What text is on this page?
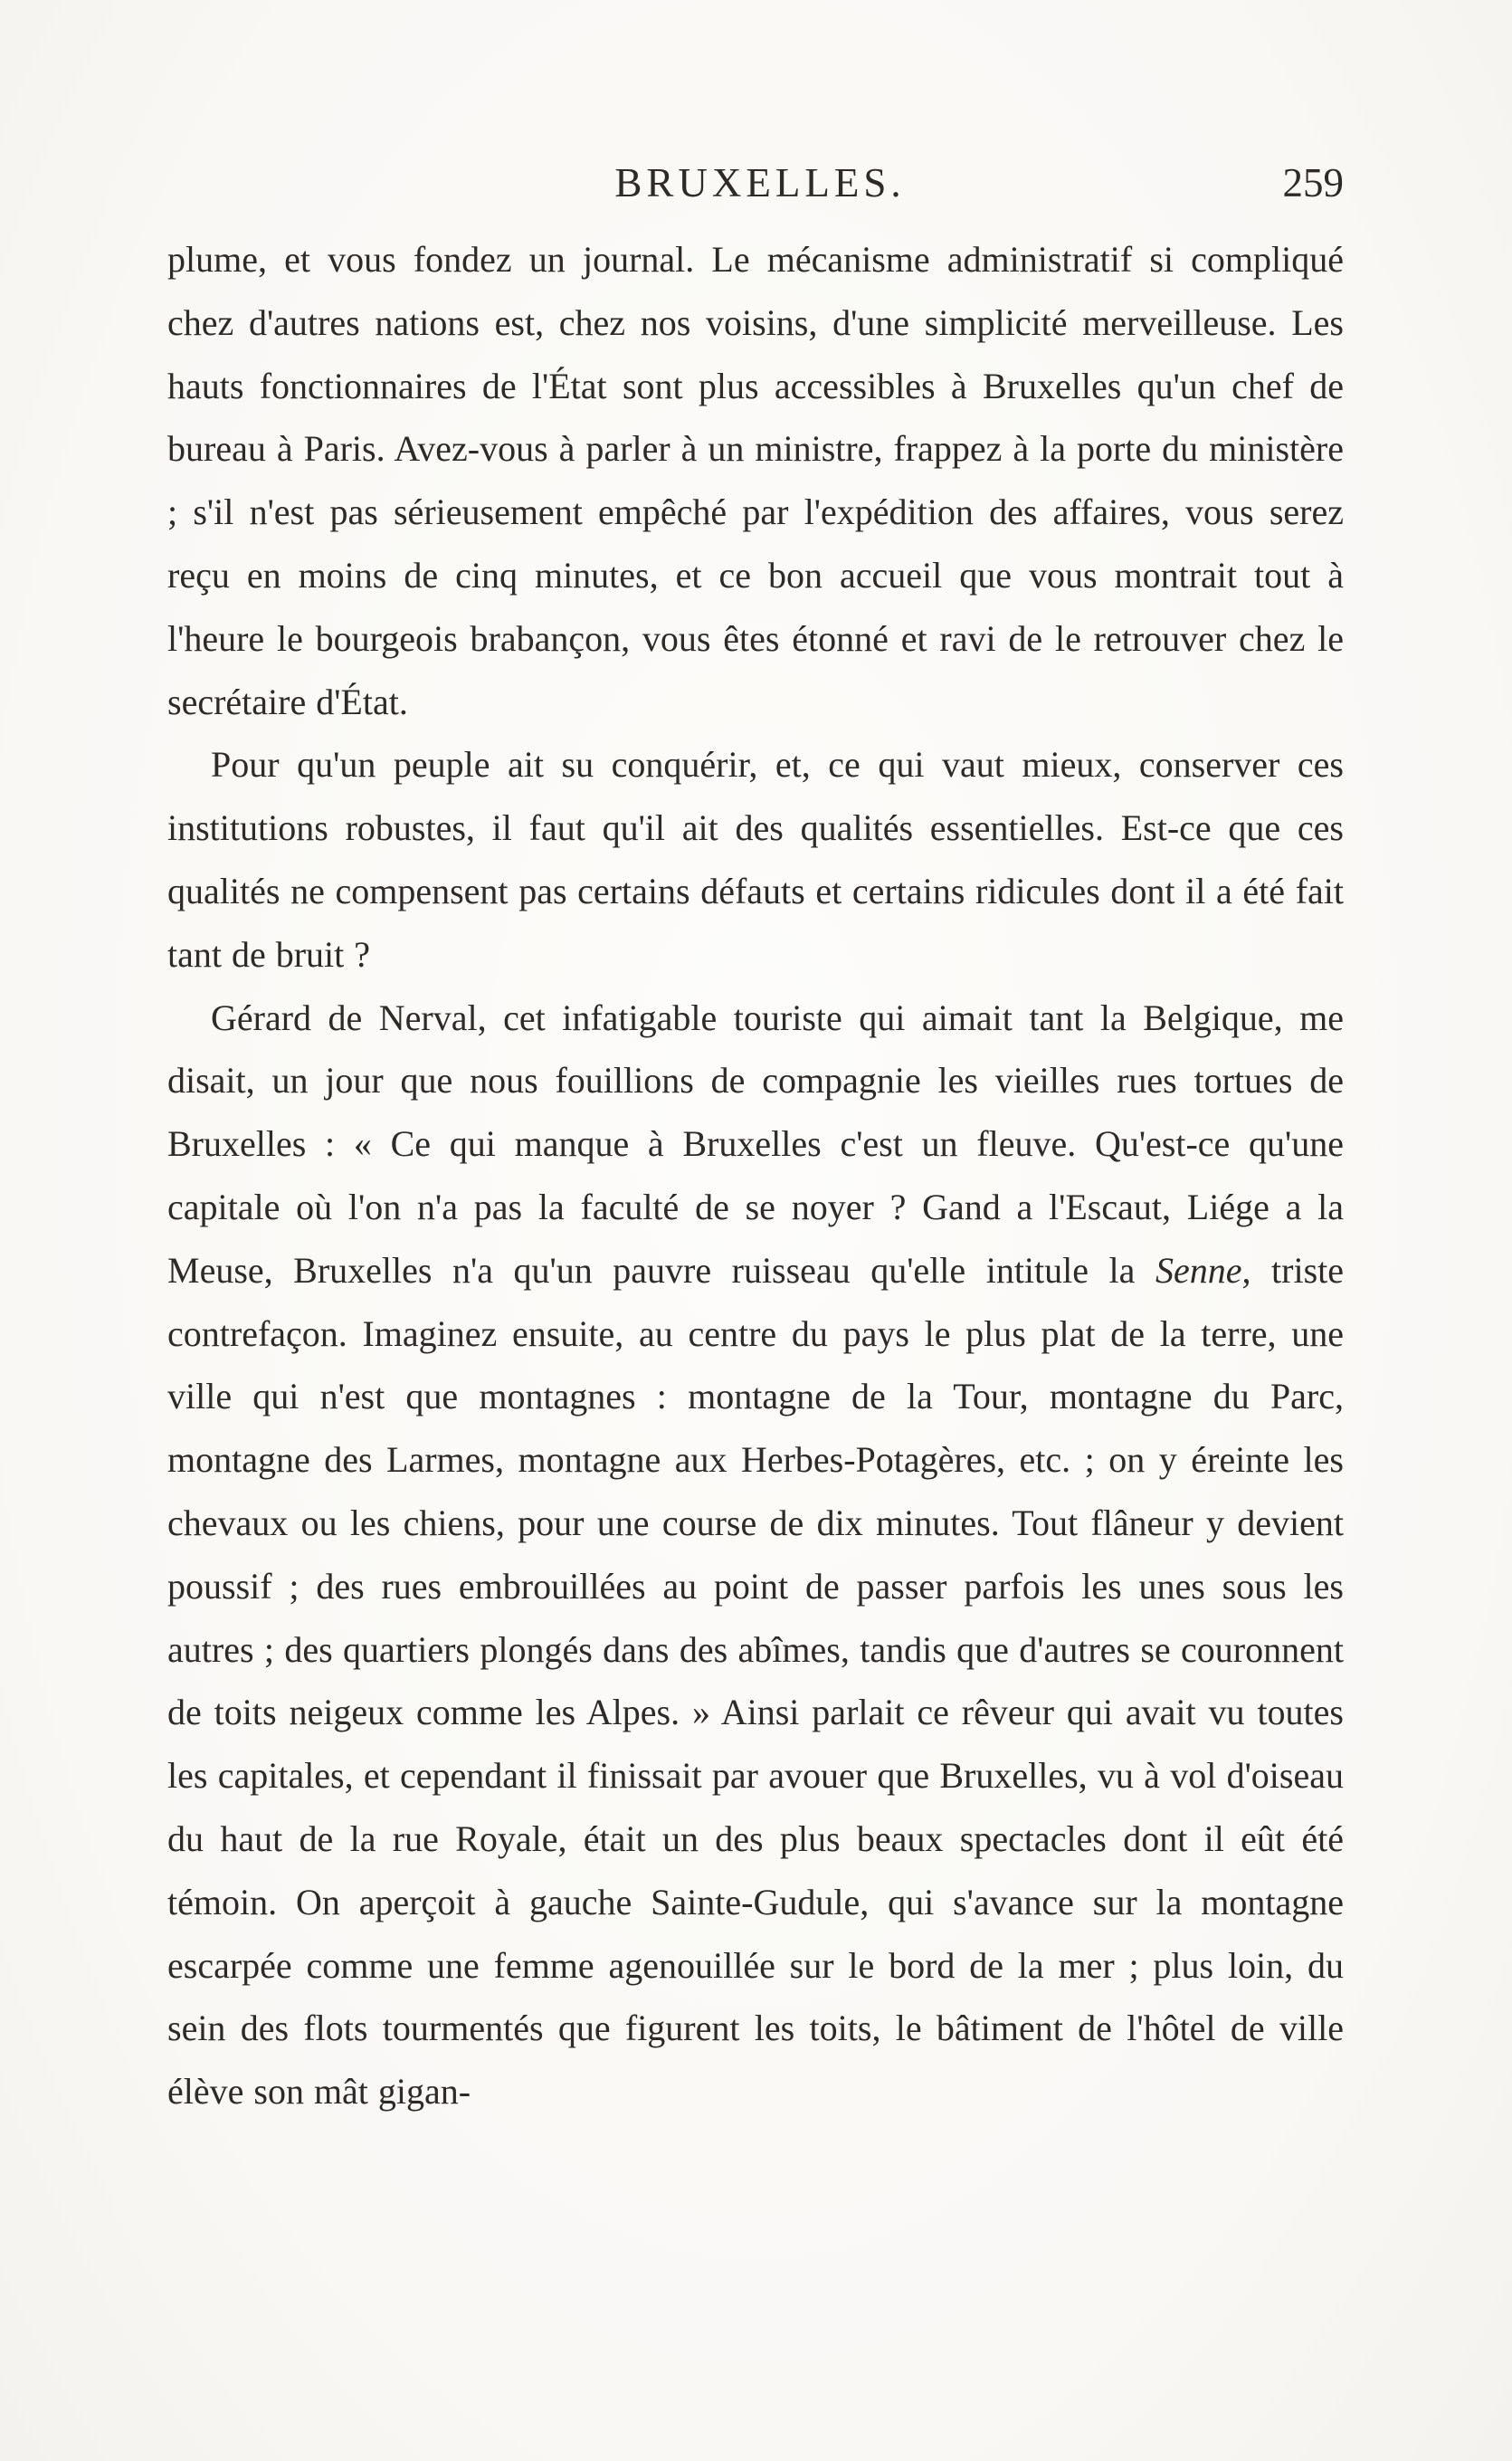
BRUXELLES.	259

plume, et vous fondez un journal. Le mécanisme administratif si compliqué chez d'autres nations est, chez nos voisins, d'une simplicité merveilleuse. Les hauts fonctionnaires de l'État sont plus accessibles à Bruxelles qu'un chef de bureau à Paris. Avez-vous à parler à un ministre, frappez à la porte du ministère ; s'il n'est pas sérieusement empêché par l'expédition des affaires, vous serez reçu en moins de cinq minutes, et ce bon accueil que vous montrait tout à l'heure le bourgeois brabançon, vous êtes étonné et ravi de le retrouver chez le secrétaire d'État.

Pour qu'un peuple ait su conquérir, et, ce qui vaut mieux, conserver ces institutions robustes, il faut qu'il ait des qualités essentielles. Est-ce que ces qualités ne compensent pas certains défauts et certains ridicules dont il a été fait tant de bruit ?

Gérard de Nerval, cet infatigable touriste qui aimait tant la Belgique, me disait, un jour que nous fouillions de compagnie les vieilles rues tortues de Bruxelles : « Ce qui manque à Bruxelles c'est un fleuve. Qu'est-ce qu'une capitale où l'on n'a pas la faculté de se noyer ? Gand a l'Escaut, Liége a la Meuse, Bruxelles n'a qu'un pauvre ruisseau qu'elle intitule la Senne, triste contrefaçon. Imaginez ensuite, au centre du pays le plus plat de la terre, une ville qui n'est que montagnes : montagne de la Tour, montagne du Parc, montagne des Larmes, montagne aux Herbes-Potagères, etc. ; on y éreinte les chevaux ou les chiens, pour une course de dix minutes. Tout flâneur y devient poussif ; des rues embrouillées au point de passer parfois les unes sous les autres ; des quartiers plongés dans des abîmes, tandis que d'autres se couronnent de toits neigeux comme les Alpes. » Ainsi parlait ce rêveur qui avait vu toutes les capitales, et cependant il finissait par avouer que Bruxelles, vu à vol d'oiseau du haut de la rue Royale, était un des plus beaux spectacles dont il eût été témoin. On aperçoit à gauche Sainte-Gudule, qui s'avance sur la montagne escarpée comme une femme agenouillée sur le bord de la mer ; plus loin, du sein des flots tourmentés que figurent les toits, le bâtiment de l'hôtel de ville élève son mât gigan-
